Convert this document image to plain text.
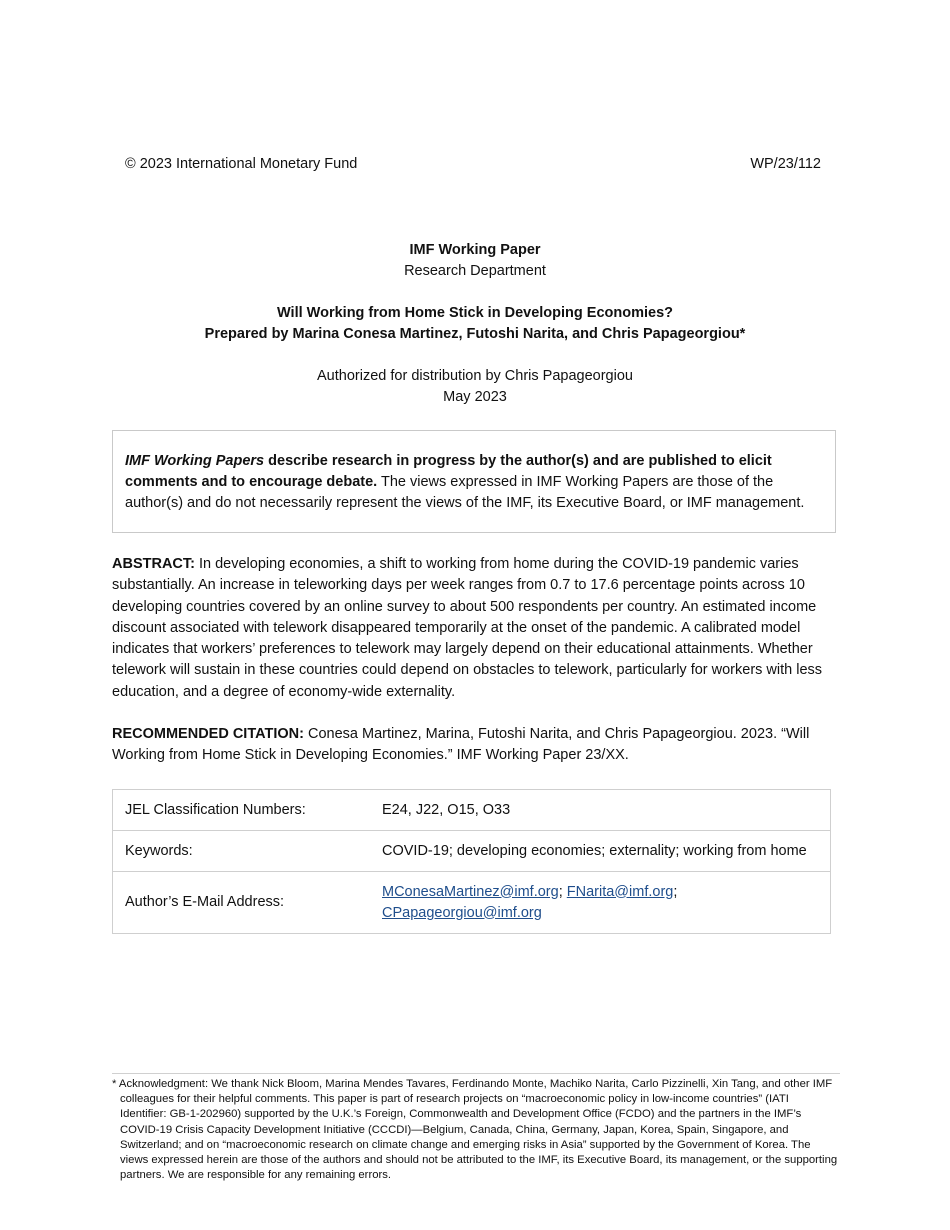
© 2023 International Monetary Fund	WP/23/112
IMF Working Paper
Research Department
Will Working from Home Stick in Developing Economies?
Prepared by Marina Conesa Martinez, Futoshi Narita, and Chris Papageorgiou*
Authorized for distribution by Chris Papageorgiou
May 2023
IMF Working Papers describe research in progress by the author(s) and are published to elicit comments and to encourage debate. The views expressed in IMF Working Papers are those of the author(s) and do not necessarily represent the views of the IMF, its Executive Board, or IMF management.
ABSTRACT: In developing economies, a shift to working from home during the COVID-19 pandemic varies substantially. An increase in teleworking days per week ranges from 0.7 to 17.6 percentage points across 10 developing countries covered by an online survey to about 500 respondents per country. An estimated income discount associated with telework disappeared temporarily at the onset of the pandemic. A calibrated model indicates that workers’ preferences to telework may largely depend on their educational attainments. Whether telework will sustain in these countries could depend on obstacles to telework, particularly for workers with less education, and a degree of economy-wide externality.
RECOMMENDED CITATION: Conesa Martinez, Marina, Futoshi Narita, and Chris Papageorgiou. 2023. “Will Working from Home Stick in Developing Economies.” IMF Working Paper 23/XX.
JEL Classification Numbers:	E24, J22, O15, O33
Keywords:	COVID-19; developing economies; externality; working from home
Author’s E-Mail Address:	MConesaMartinez@imf.org; FNarita@imf.org;
CPapageorgiou@imf.org
* Acknowledgment: We thank Nick Bloom, Marina Mendes Tavares, Ferdinando Monte, Machiko Narita, Carlo Pizzinelli, Xin Tang, and other IMF colleagues for their helpful comments. This paper is part of research projects on “macroeconomic policy in low-income countries” (IATI Identifier: GB-1-202960) supported by the U.K.’s Foreign, Commonwealth and Development Office (FCDO) and the partners in the IMF’s COVID-19 Crisis Capacity Development Initiative (CCCDI)—Belgium, Canada, China, Germany, Japan, Korea, Spain, Singapore, and Switzerland; and on “macroeconomic research on climate change and emerging risks in Asia” supported by the Government of Korea. The views expressed herein are those of the authors and should not be attributed to the IMF, its Executive Board, its management, or the supporting partners. We are responsible for any remaining errors.
